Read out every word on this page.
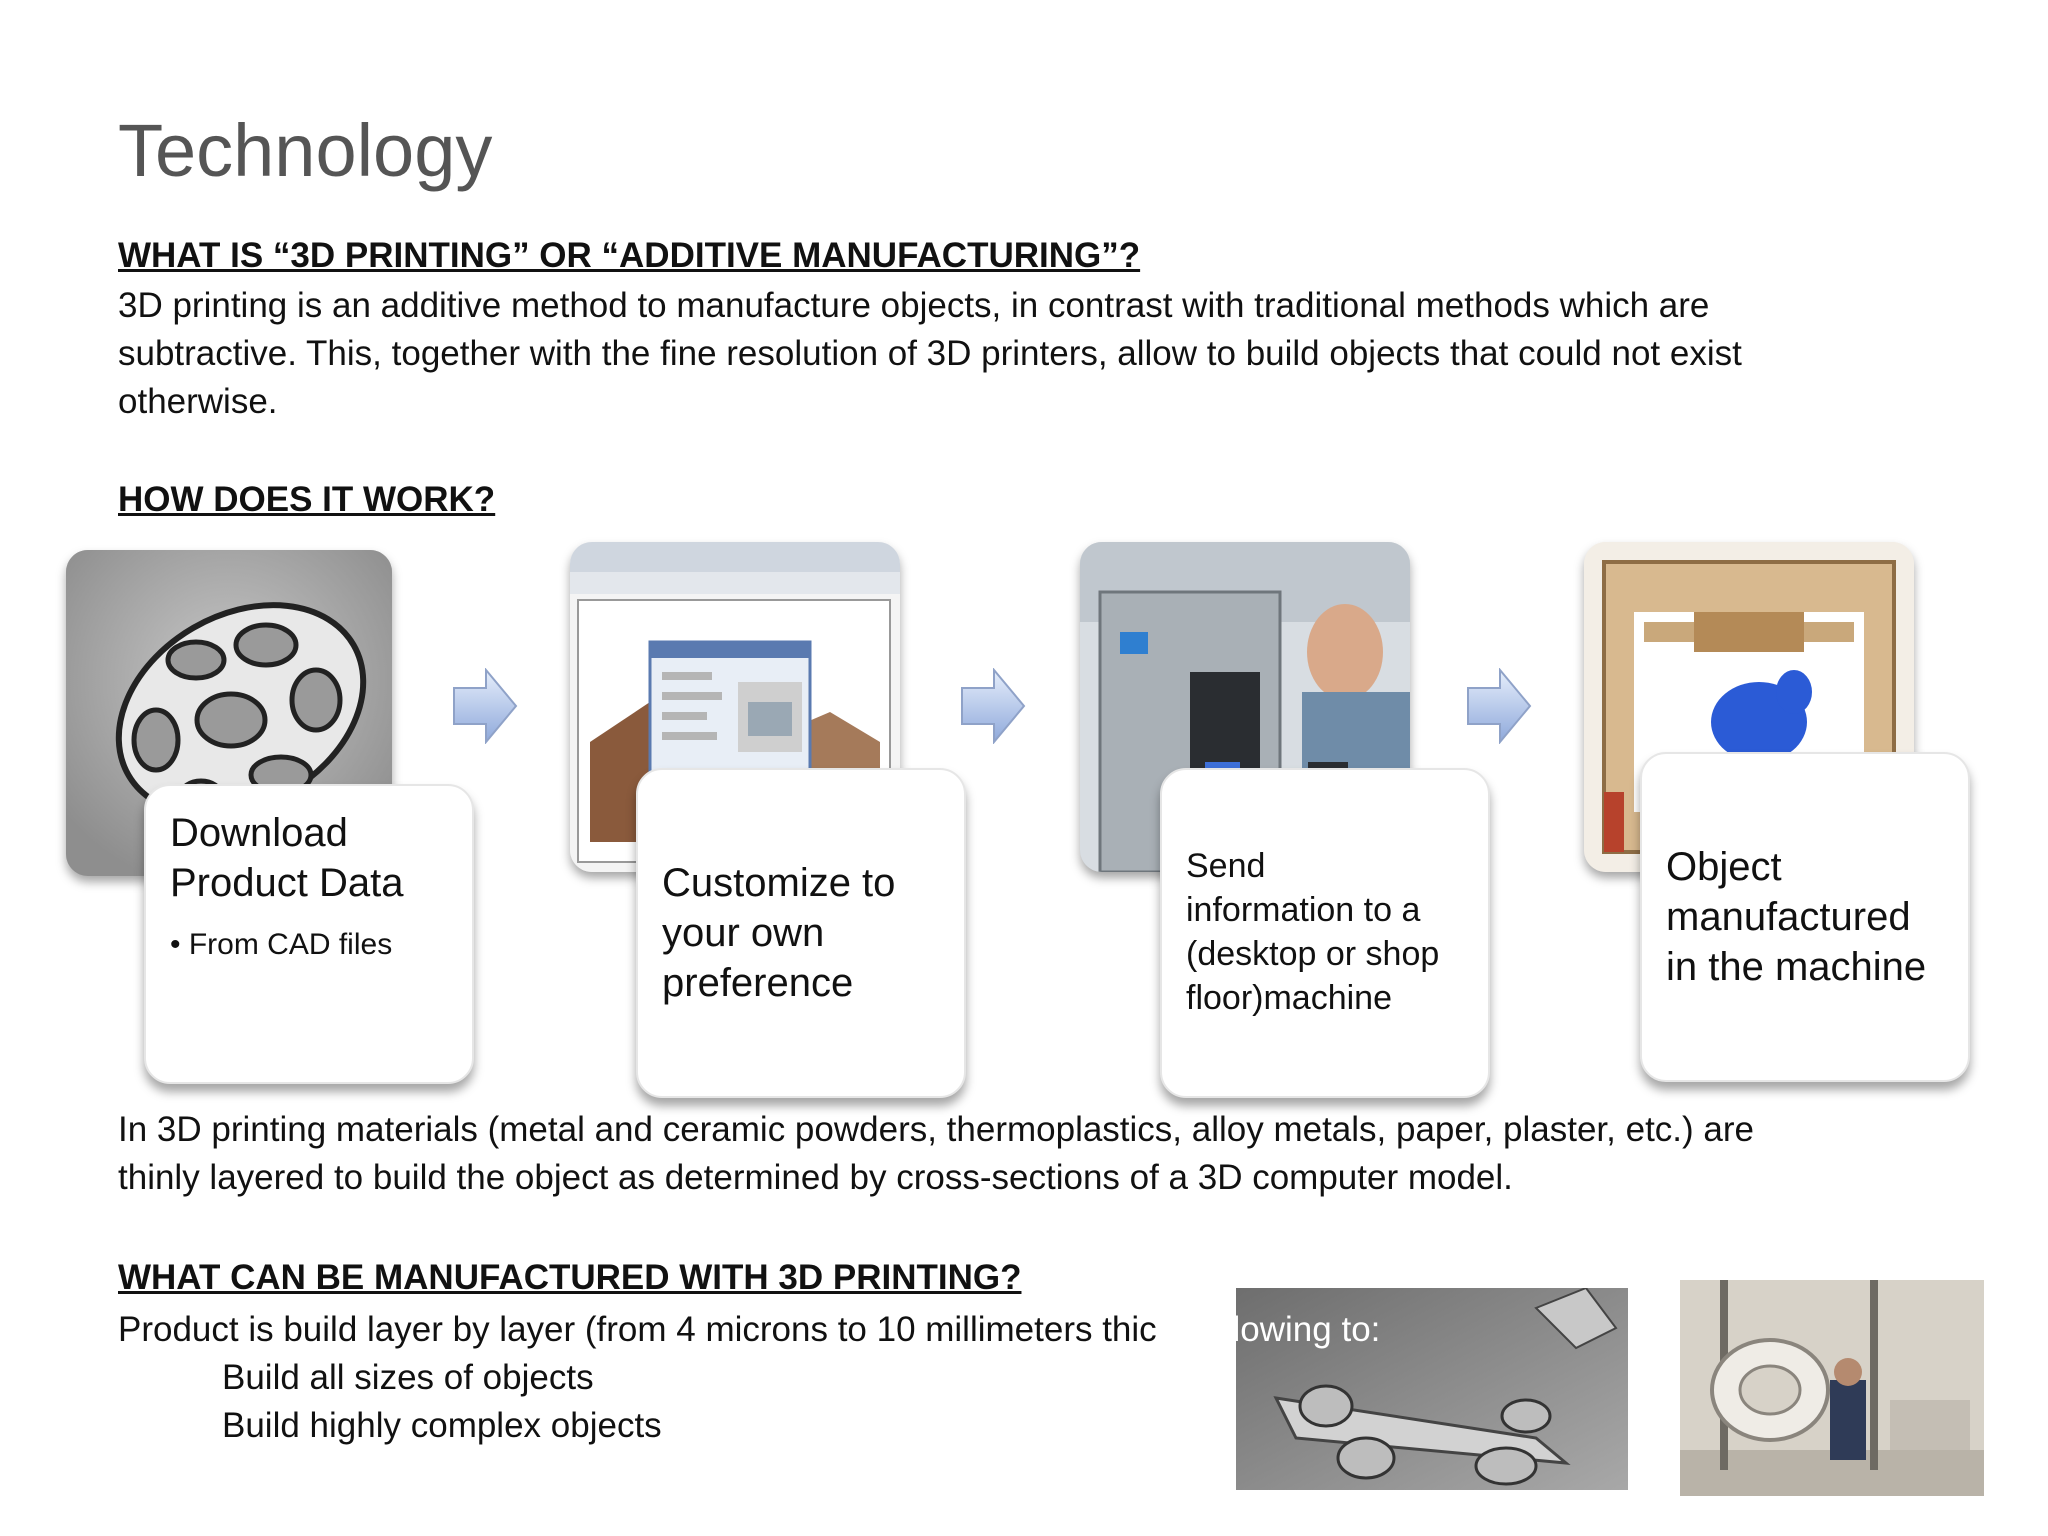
Technology
WHAT IS “3D PRINTING” OR “ADDITIVE MANUFACTURING”?
3D printing is an additive method to manufacture objects, in contrast with traditional methods which are
subtractive. This, together with the fine resolution of 3D printers, allow to build objects that could not exist
otherwise.
HOW DOES IT WORK?
Download
Product Data
• From CAD files
Customize to
your own
preference
Send
information to a
(desktop or shop
floor)machine
Object
manufactured
in the machine
In 3D printing materials (metal and ceramic powders, thermoplastics, alloy metals, paper, plaster, etc.) are
thinly layered to build the object as determined by cross-sections of a 3D computer model.
WHAT CAN BE MANUFACTURED WITH 3D PRINTING?
Product is build layer by layer (from 4 microns to 10 millimeters thick), allowing to:
Build all sizes of objects
Build highly complex objects
